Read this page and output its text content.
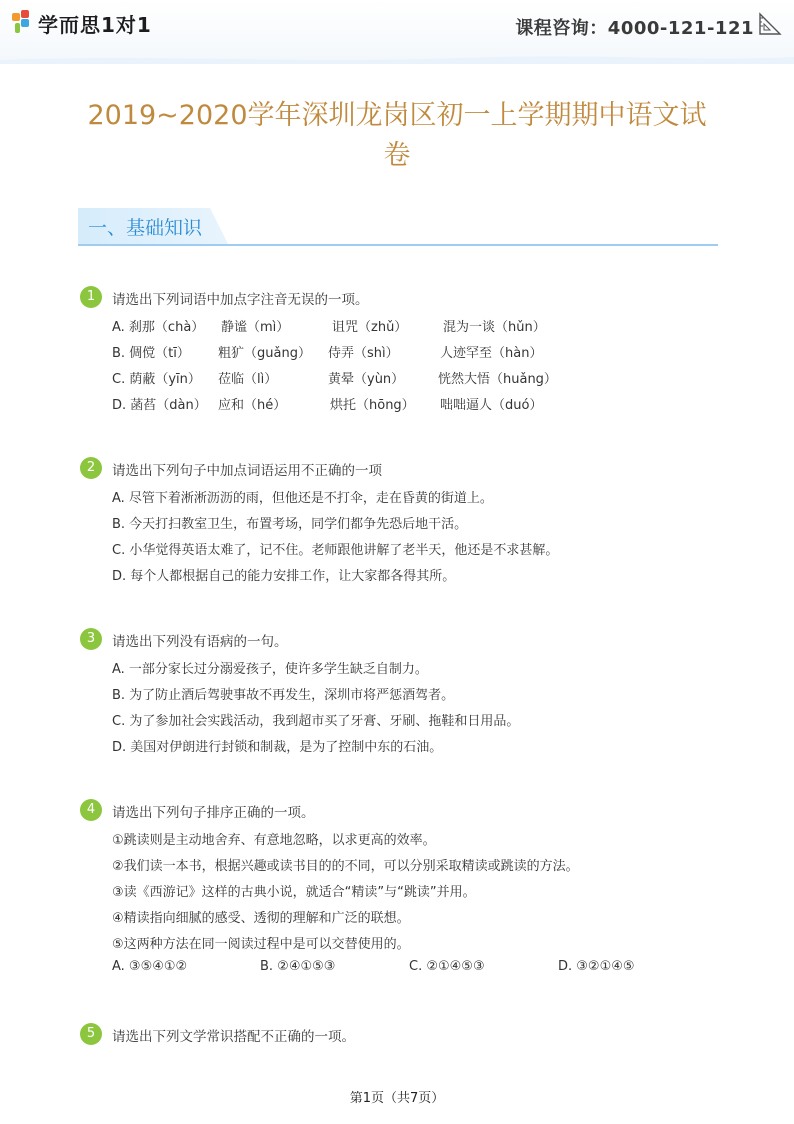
学而思1对1	课程咨询：4000-121-121
2019~2020学年深圳龙岗区初一上学期期中语文试
卷
一、基础知识
1	请选出下列词语中加点字注音无误的一项。
A. 刹那（chà） 静谧（mì）	诅咒（zhǔ）	混为一谈（hǔn）
B. 倜傥（tī） 粗犷（guǎng） 侍弄（shì）	人迹罕至（hàn）
C. 荫蔽（yīn） 莅临（lì）	黄晕（yùn）	恍然大悟（huǎng）
D. 菡萏（dàn） 应和（hé）	烘托（hōng） 咄咄逼人（duó）
2	请选出下列句子中加点词语运用不正确的一项
A. 尽管下着淅淅沥沥的雨，但他还是不打伞，走在昏黄的街道上。
B. 今天打扫教室卫生，布置考场，同学们都争先恐后地干活。
C. 小华觉得英语太难了，记不住。老师跟他讲解了老半天，他还是不求甚解。
D. 每个人都根据自己的能力安排工作，让大家都各得其所。
3	请选出下列没有语病的一句。
A. 一部分家长过分溺爱孩子，使许多学生缺乏自制力。
B. 为了防止酒后驾驶事故不再发生，深圳市将严惩酒驾者。
C. 为了参加社会实践活动，我到超市买了牙膏、牙刷、拖鞋和日用品。
D. 美国对伊朗进行封锁和制裁，是为了控制中东的石油。
4	请选出下列句子排序正确的一项。
①跳读则是主动地舍弃、有意地忽略，以求更高的效率。
②我们读一本书，根据兴趣或读书目的的不同，可以分别采取精读或跳读的方法。
③读《西游记》这样的古典小说，就适合“精读”与“跳读”并用。
④精读指向细腻的感受、透彻的理解和广泛的联想。
⑤这两种方法在同一阅读过程中是可以交替使用的。
A. ③⑤④①②	B. ②④①⑤③	C. ②①④⑤③	D. ③②①④⑤
5	请选出下列文学常识搭配不正确的一项。
第1页（共7页）
